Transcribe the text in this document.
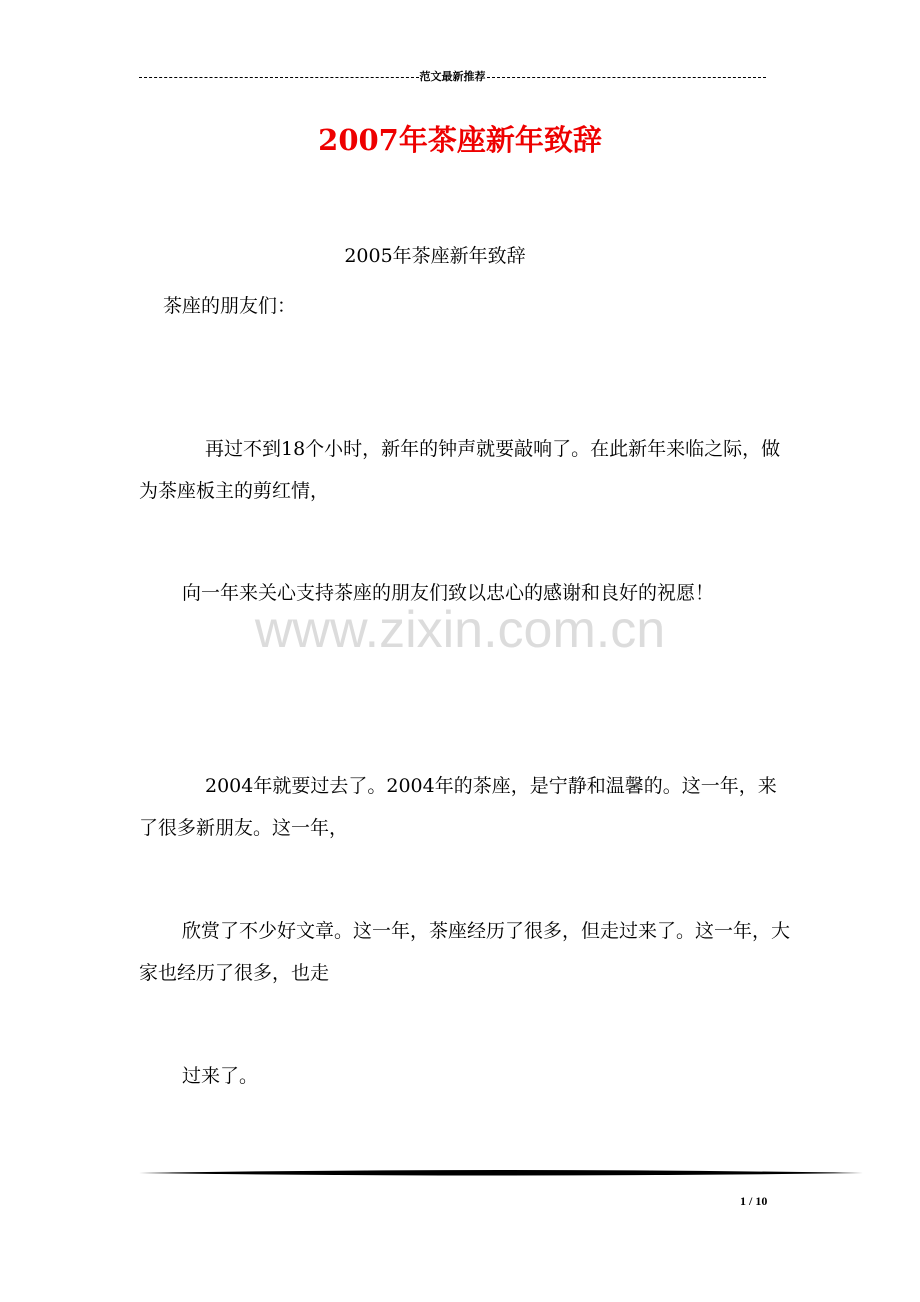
范文最新推荐
2007年茶座新年致辞
2005年茶座新年致辞
茶座的朋友们：
再过不到18个小时，新年的钟声就要敲响了。在此新年来临之际，做为茶座板主的剪红情，
向一年来关心支持茶座的朋友们致以忠心的感谢和良好的祝愿！
www.zixin.com.cn
2004年就要过去了。2004年的茶座，是宁静和温馨的。这一年，来了很多新朋友。这一年，
欣赏了不少好文章。这一年，茶座经历了很多，但走过来了。这一年，大家也经历了很多，也走
过来了。
1 / 10
